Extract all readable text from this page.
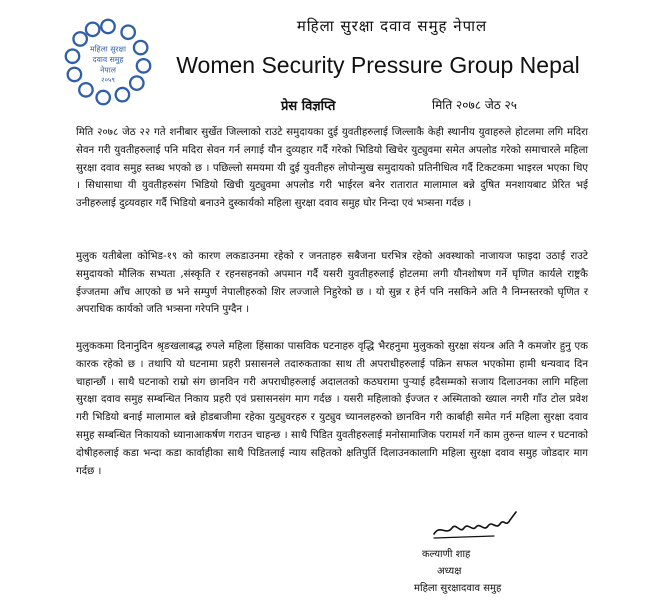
महिला सुरक्षा
दवाव समुह
नेपाल
२०५९
महिला सुरक्षा दवाव समुह नेपाल
Women Security Pressure Group Nepal
प्रेस विज्ञप्ति	मिति २०७८ जेठ २५

मिति २०७८ जेठ २२ गते शनीबार सुर्खेत जिल्लाको राउटे समुदायका दुई युवतीहरुलाई जिल्लाकै केही स्थानीय युवाहरुले होटलमा लगि मदिरा सेवन गरी युवतीहरुलाई पनि मदिरा सेवन गर्न लगाई यौन दुव्यहार गर्दै गरेको भिडियो खिचेर युट्युवमा समेत अपलोड गरेको समाचारले महिला सुरक्षा दवाव समुह स्तब्ध भएको छ । पछिल्लो समयमा यी दुई युवतीहरु लोपोन्मुख समुदायको प्रतिनीधित्व गर्दै टिकटकमा भाइरल भएका थिए । सिधासाधा यी युवतीहरुसंग भिडियो खिची युट्युवमा अपलोड गरी भाईरल बनेर रातारात मालामाल बन्ने दुषित मनशायबाट प्रेरित भई उनीहरुलाई दुव्र्यवहार गर्दै भिडियो बनाउने दुस्कार्यको महिला सुरक्षा दवाव समुह घोर निन्दा एवं भत्र्सना गर्दछ ।

मुलुक यतीबेला कोभिड-१९ को कारण लकडाउनमा रहेको र जनताहरु सबैजना घरभित्र रहेको अवस्थाको नाजायज फाइदा उठाई राउटे समुदायको मौलिक सभ्यता ,संस्कृति र रहनसहनको अपमान गर्दै यसरी युवतीहरुलाई होटलमा लगी यौनशोषण गर्ने घृणित कार्यले राष्ट्रकै ईज्जतमा आँच आएको छ भने सम्पुर्ण नेपालीहरुको शिर लज्जाले निहुरेको छ । यो सुन्न र हेर्न पनि नसकिने अति नै निम्नस्तरको घृणित र अपराधिक कार्यको जति भत्र्सना गरेपनि पुग्दैन ।

मुलुककमा दिनानुदिन श्रृङखलाबद्ध रुपले महिला हिंसाका पासविक घटनाहरु वृद्धि भैरहनुमा मुलुकको सुरक्षा संयन्त्र अति नै कमजोर हुनु एक कारक रहेको छ । तथापि यो घटनामा प्रहरी प्रसासनले तदारुकताका साथ ती अपराधीहरुलाई पक्रिन सफल भएकोमा हामी धन्यवाद दिन चाहान्छौं । साथै घटनाको राम्रो संग छानविन गरी अपराधीहरुलाई अदालतको कठघरामा पुऱ्याई हदैसम्मको सजाय दिलाउनका लागि महिला सुरक्षा दवाव समुह सम्बन्धित निकाय प्रहरी एवं प्रसासनसंग माग गर्दछ । यसरी महिलाको ईज्जत र अस्मिताको ख्याल नगरी गाँउ टोल प्रवेश गरी भिडियो बनाई मालामाल बन्ने होडबाजीमा रहेका युट्युवरहरु र युट्युव च्यानलहरुको छानविन गरी कार्बाही समेत गर्न महिला सुरक्षा दवाव समुह सम्बन्धित निकायको ध्यानाआकर्षण गराउन चाहन्छ । साथै पिडित युवतीहरुलाई मनोसामाजिक परामर्श गर्ने काम तुरुन्त थाल्न र घटनाको दोषीहरुलाई कडा भन्दा कडा कार्वाहीका साथै पिडितलाई न्याय सहितको क्षतिपुर्ति दिलाउनकालागि महिला सुरक्षा दवाव समुह जोडदार माग गर्दछ ।

कल्याणी शाह
अध्यक्ष
महिला सुरक्षादवाव समुह
